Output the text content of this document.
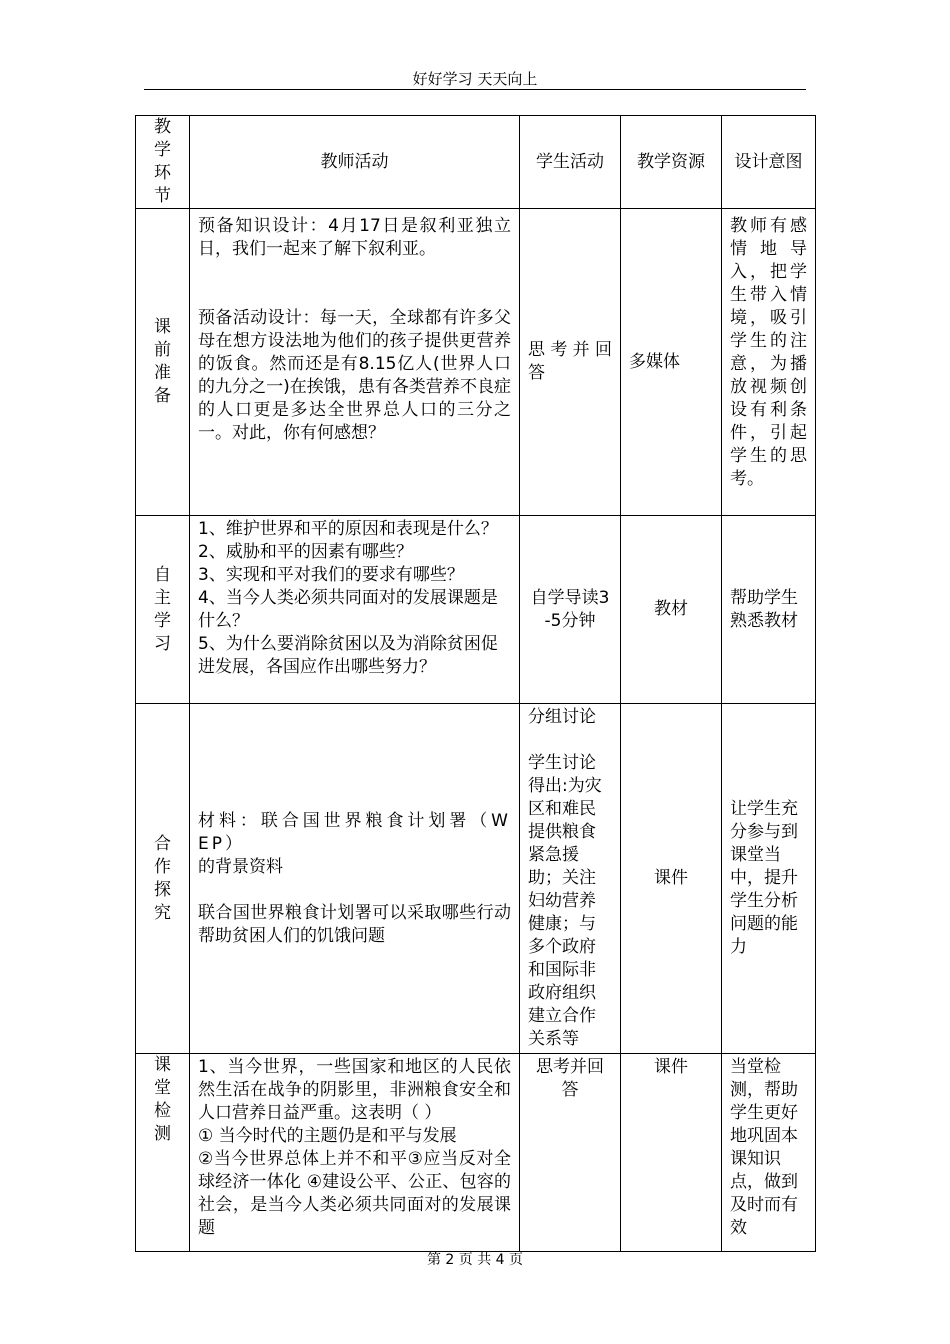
好好学习 天天向上
教学环节	教师活动	学生活动	教学资源	设计意图

课前准备	预备知识设计：4月17日是叙利亚独立日，我们一起来了解下叙利亚。
预备活动设计：每一天，全球都有许多父母在想方设法地为他们的孩子提供更营养的饭食。然而还是有8.15亿人(世界人口的九分之一)在挨饿，患有各类营养不良症的人口更是多达全世界总人口的三分之一。对此，你有何感想？	思考并回答	多媒体	教师有感情地导入，把学生带入情境，吸引学生的注意，为播放视频创设有利条件，引起学生的思考。

自主学习	1、维护世界和平的原因和表现是什么？
2、威胁和平的因素有哪些？
3、实现和平对我们的要求有哪些？
4、当今人类必须共同面对的发展课题是什么？
5、为什么要消除贫困以及为消除贫困促进发展，各国应作出哪些努力？	自学导读3-5分钟	教材	帮助学生熟悉教材

合作探究	材料：联合国世界粮食计划署（WEP）
的背景资料
联合国世界粮食计划署可以采取哪些行动帮助贫困人们的饥饿问题	分组讨论
学生讨论得出:为灾区和难民提供粮食紧急援助；关注妇幼营养健康；与多个政府和国际非政府组织建立合作关系等	课件	让学生充分参与到课堂当中，提升学生分析问题的能力

课堂检测	1、当今世界，一些国家和地区的人民依然生活在战争的阴影里，非洲粮食安全和人口营养日益严重。这表明（ ）
① 当今时代的主题仍是和平与发展
②当今世界总体上并不和平③应当反对全球经济一体化 ④建设公平、公正、包容的社会，是当今人类必须共同面对的发展课题	思考并回答	课件	当堂检测，帮助学生更好地巩固本课知识点，做到及时而有效
第 2 页 共 4 页
